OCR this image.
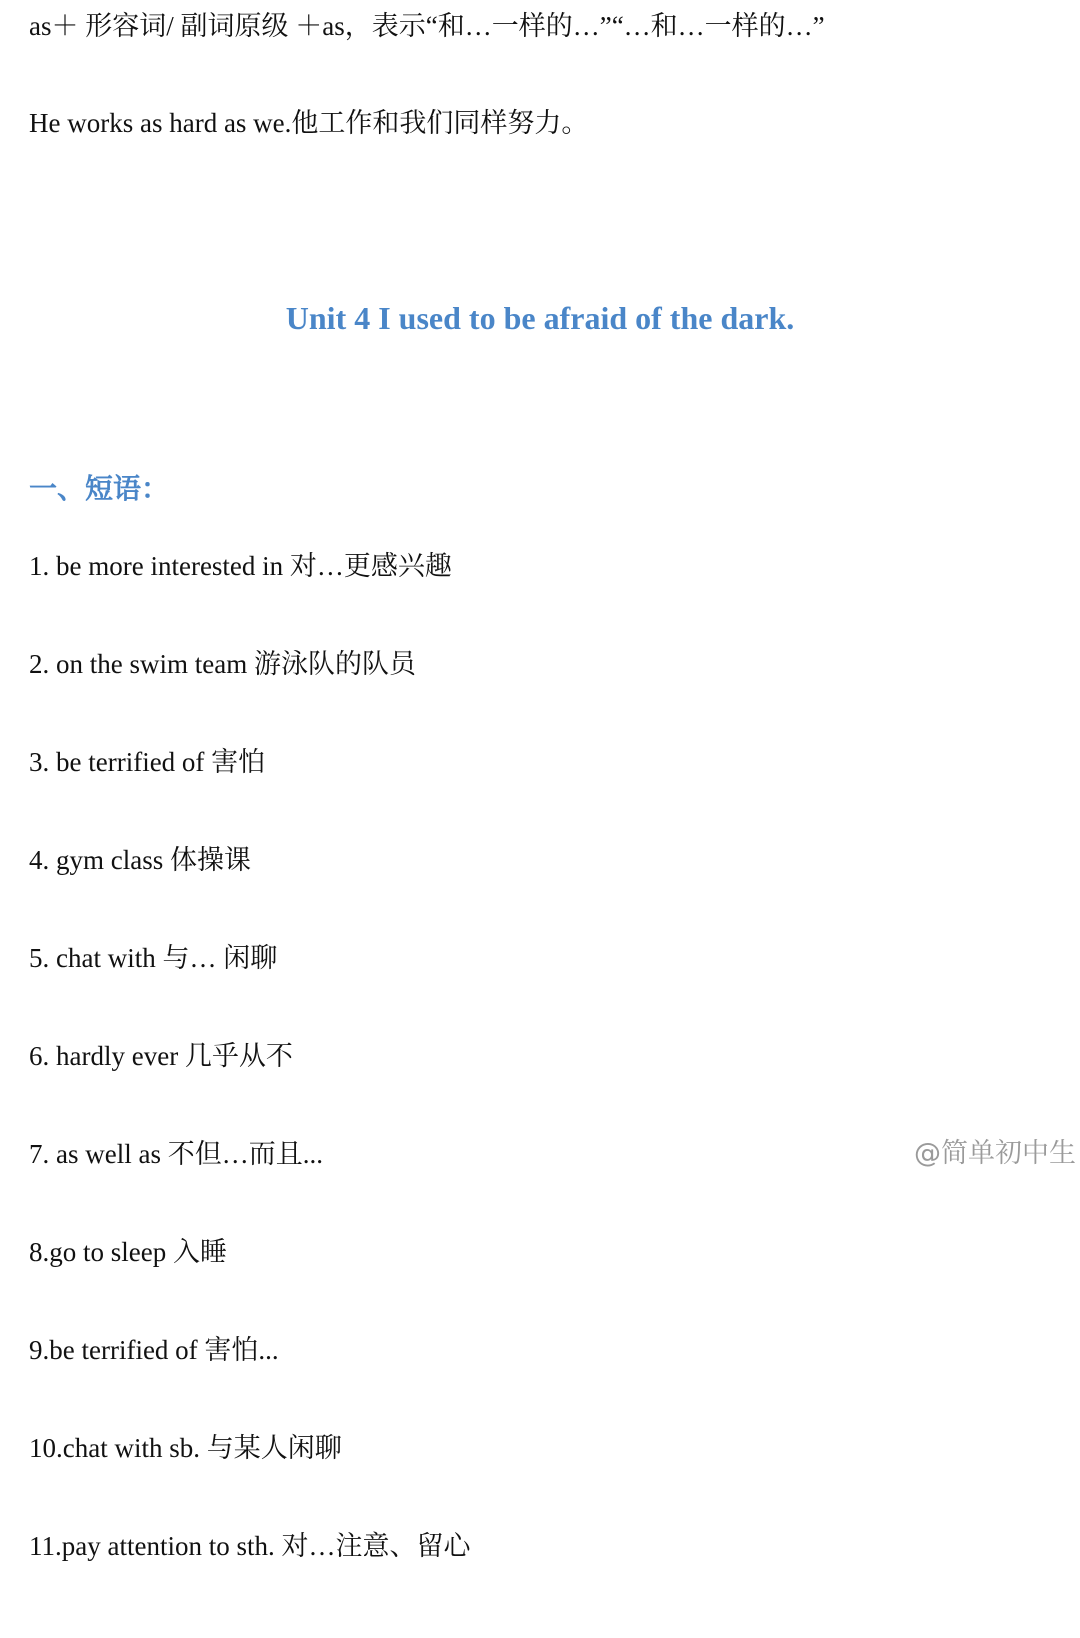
as＋ 形容词/ 副词原级 ＋as，表示“和…一样的…”“…和…一样的…”
He works as hard as we.他工作和我们同样努力。
Unit 4 I used to be afraid of the dark.
一、短语：
1. be more interested in 对…更感兴趣
2. on the swim team 游泳队的队员
3. be terrified of 害怕
4. gym class 体操课
5. chat with 与… 闲聊
6. hardly ever 几乎从不
7. as well as 不但…而且...
8.go to sleep 入睡
9.be terrified of 害怕...
10.chat with sb. 与某人闲聊
11.pay attention to sth. 对…注意、留心
@简单初中生
